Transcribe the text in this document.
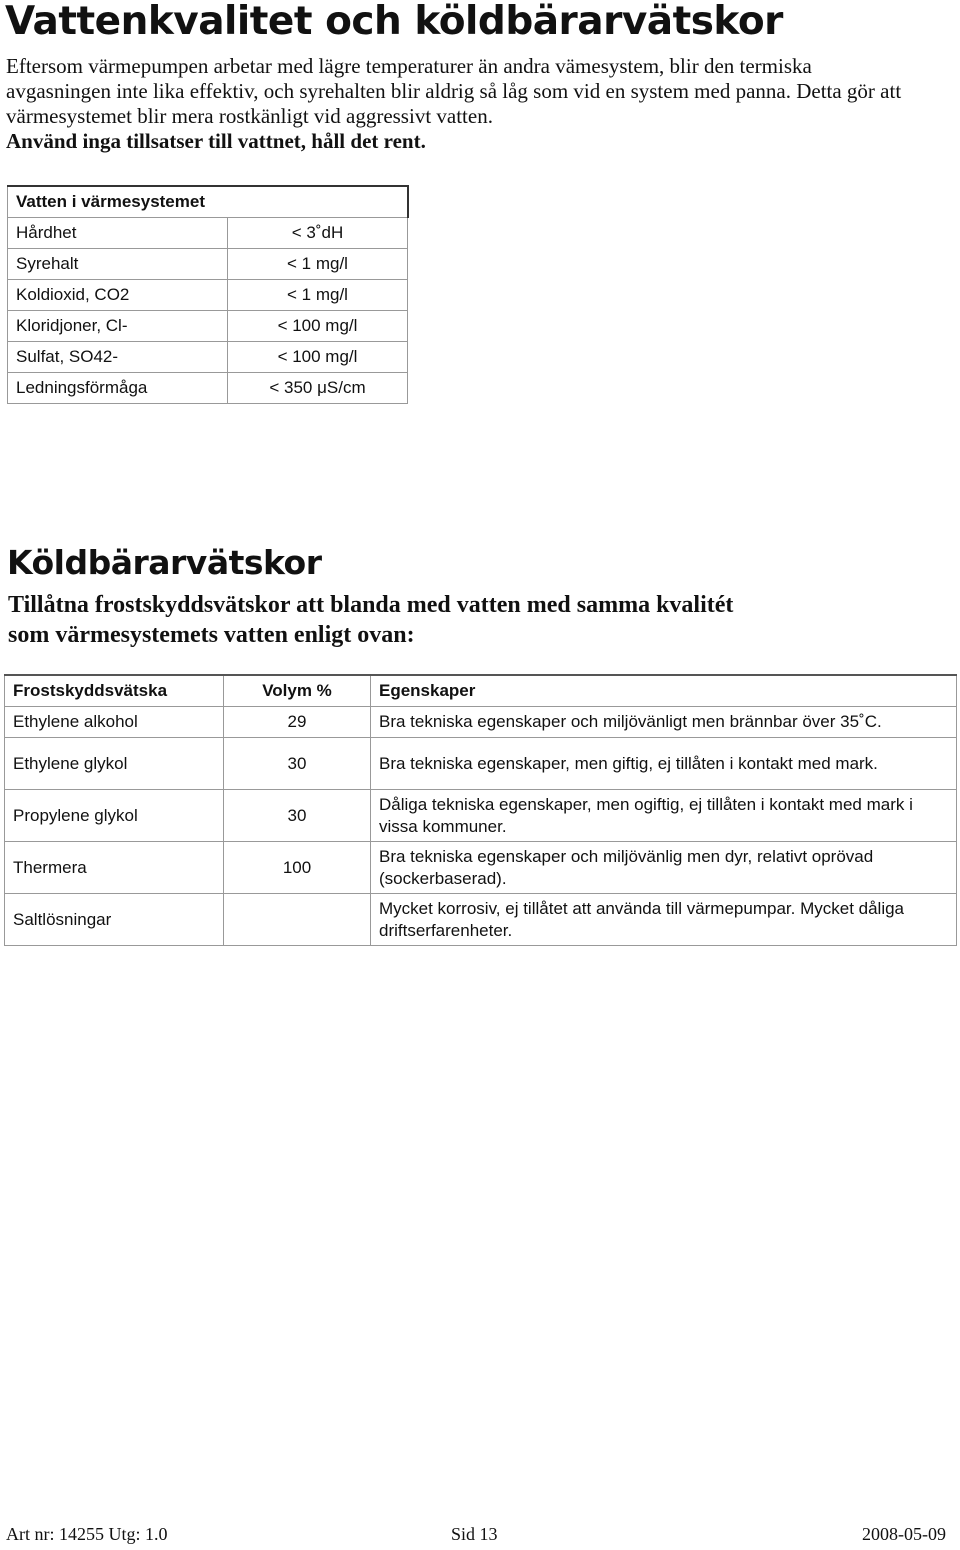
Vattenkvalitet och köldbärarvätskor

Eftersom värmepumpen arbetar med lägre temperaturer än andra vämesystem, blir den termiska avgasningen inte lika effektiv, och syrehalten blir aldrig så låg som vid en system med panna. Detta gör att värmesystemet blir mera rostkänligt vid aggressivt vatten.

Använd inga tillsatser till vattnet, håll det rent.

Vatten i värmesystemet	
Hårdhet	< 3˚dH
Syrehalt	< 1 mg/l
Koldioxid, CO2	< 1 mg/l
Kloridjoner, Cl-	< 100 mg/l
Sulfat, SO42-	< 100 mg/l
Ledningsförmåga	< 350 μS/cm
Köldbärarvätskor

Tillåtna frostskyddsvätskor att blanda med vatten med samma kvalitét som värmesystemets vatten enligt ovan:

Frostskyddsvätska	Volym %	Egenskaper
Ethylene alkohol	29	Bra tekniska egenskaper och miljövänligt men brännbar över 35˚C.
Ethylene glykol	30	Bra tekniska egenskaper, men giftig, ej tillåten i kontakt med mark.
Propylene glykol	30	Dåliga tekniska egenskaper, men ogiftig, ej tillåten i kontakt med mark i vissa kommuner.
Thermera	100	Bra tekniska egenskaper och miljövänlig men dyr, relativt oprövad (sockerbaserad).
Saltlösningar		Mycket korrosiv, ej tillåtet att använda till värmepumpar. Mycket dåliga driftserfarenheter.
Art nr: 14255 Utg: 1.0	Sid 13	2008-05-09
